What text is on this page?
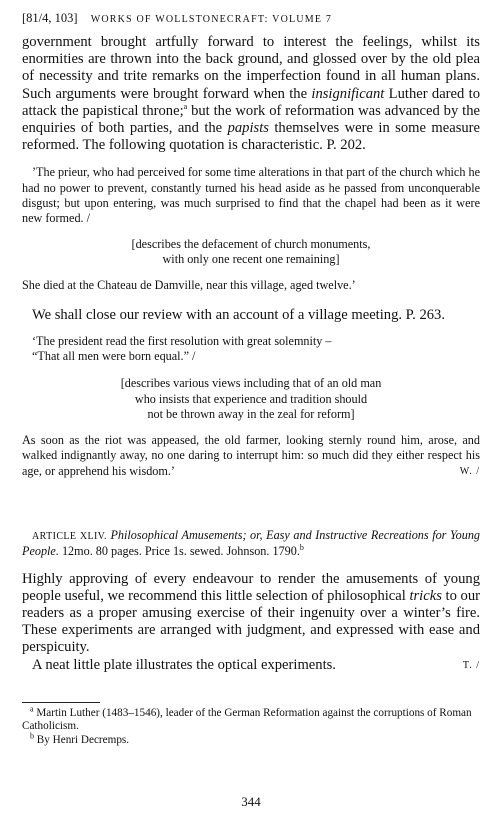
[81/4, 103] WORKS OF WOLLSTONECRAFT: VOLUME 7

government brought artfully forward to interest the feelings, whilst its enormities are thrown into the back ground, and glossed over by the old plea of necessity and trite remarks on the imperfection found in all human plans. Such arguments were brought forward when the insignificant Luther dared to attack the papistical throne;$^a$ but the work of reformation was advanced by the enquiries of both parties, and the papists themselves were in some measure reformed. The following quotation is characteristic. P. 202.

’The prieur, who had perceived for some time alterations in that part of the church which he had no power to prevent, constantly turned his head aside as he passed from unconquerable disgust; but upon entering, was much surprised to find that the chapel had been as it were new formed. /

[describes the defacement of church monuments,
with only one recent one remaining]

She died at the Chateau de Damville, near this village, aged twelve.’

We shall close our review with an account of a village meeting. P. 263.

‘The president read the first resolution with great solemnity –
“That all men were born equal.” /
[describes various views including that of an old man
who insists that experience and tradition should
not be thrown away in the zeal for reform]

As soon as the riot was appeased, the old farmer, looking sternly round him, arose, and walked indignantly away, no one daring to interrupt him: so much did they either respect his age, or apprehend his wisdom.’	W. /

ARTICLE XLIV. Philosophical Amusements; or, Easy and Instructive Recreations for Young People. 12mo. 80 pages. Price 1s. sewed. Johnson. 1790.$^b$

Highly approving of every endeavour to render the amusements of young people useful, we recommend this little selection of philosophical tricks to our readers as a proper amusing exercise of their ingenuity over a winter’s fire. These experiments are arranged with judgment, and expressed with ease and perspicuity.

A neat little plate illustrates the optical experiments.	T. /

$^a$ Martin Luther (1483–1546), leader of the German Reformation against the corruptions of Roman Catholicism.

$^b$ By Henri Decremps.

344
